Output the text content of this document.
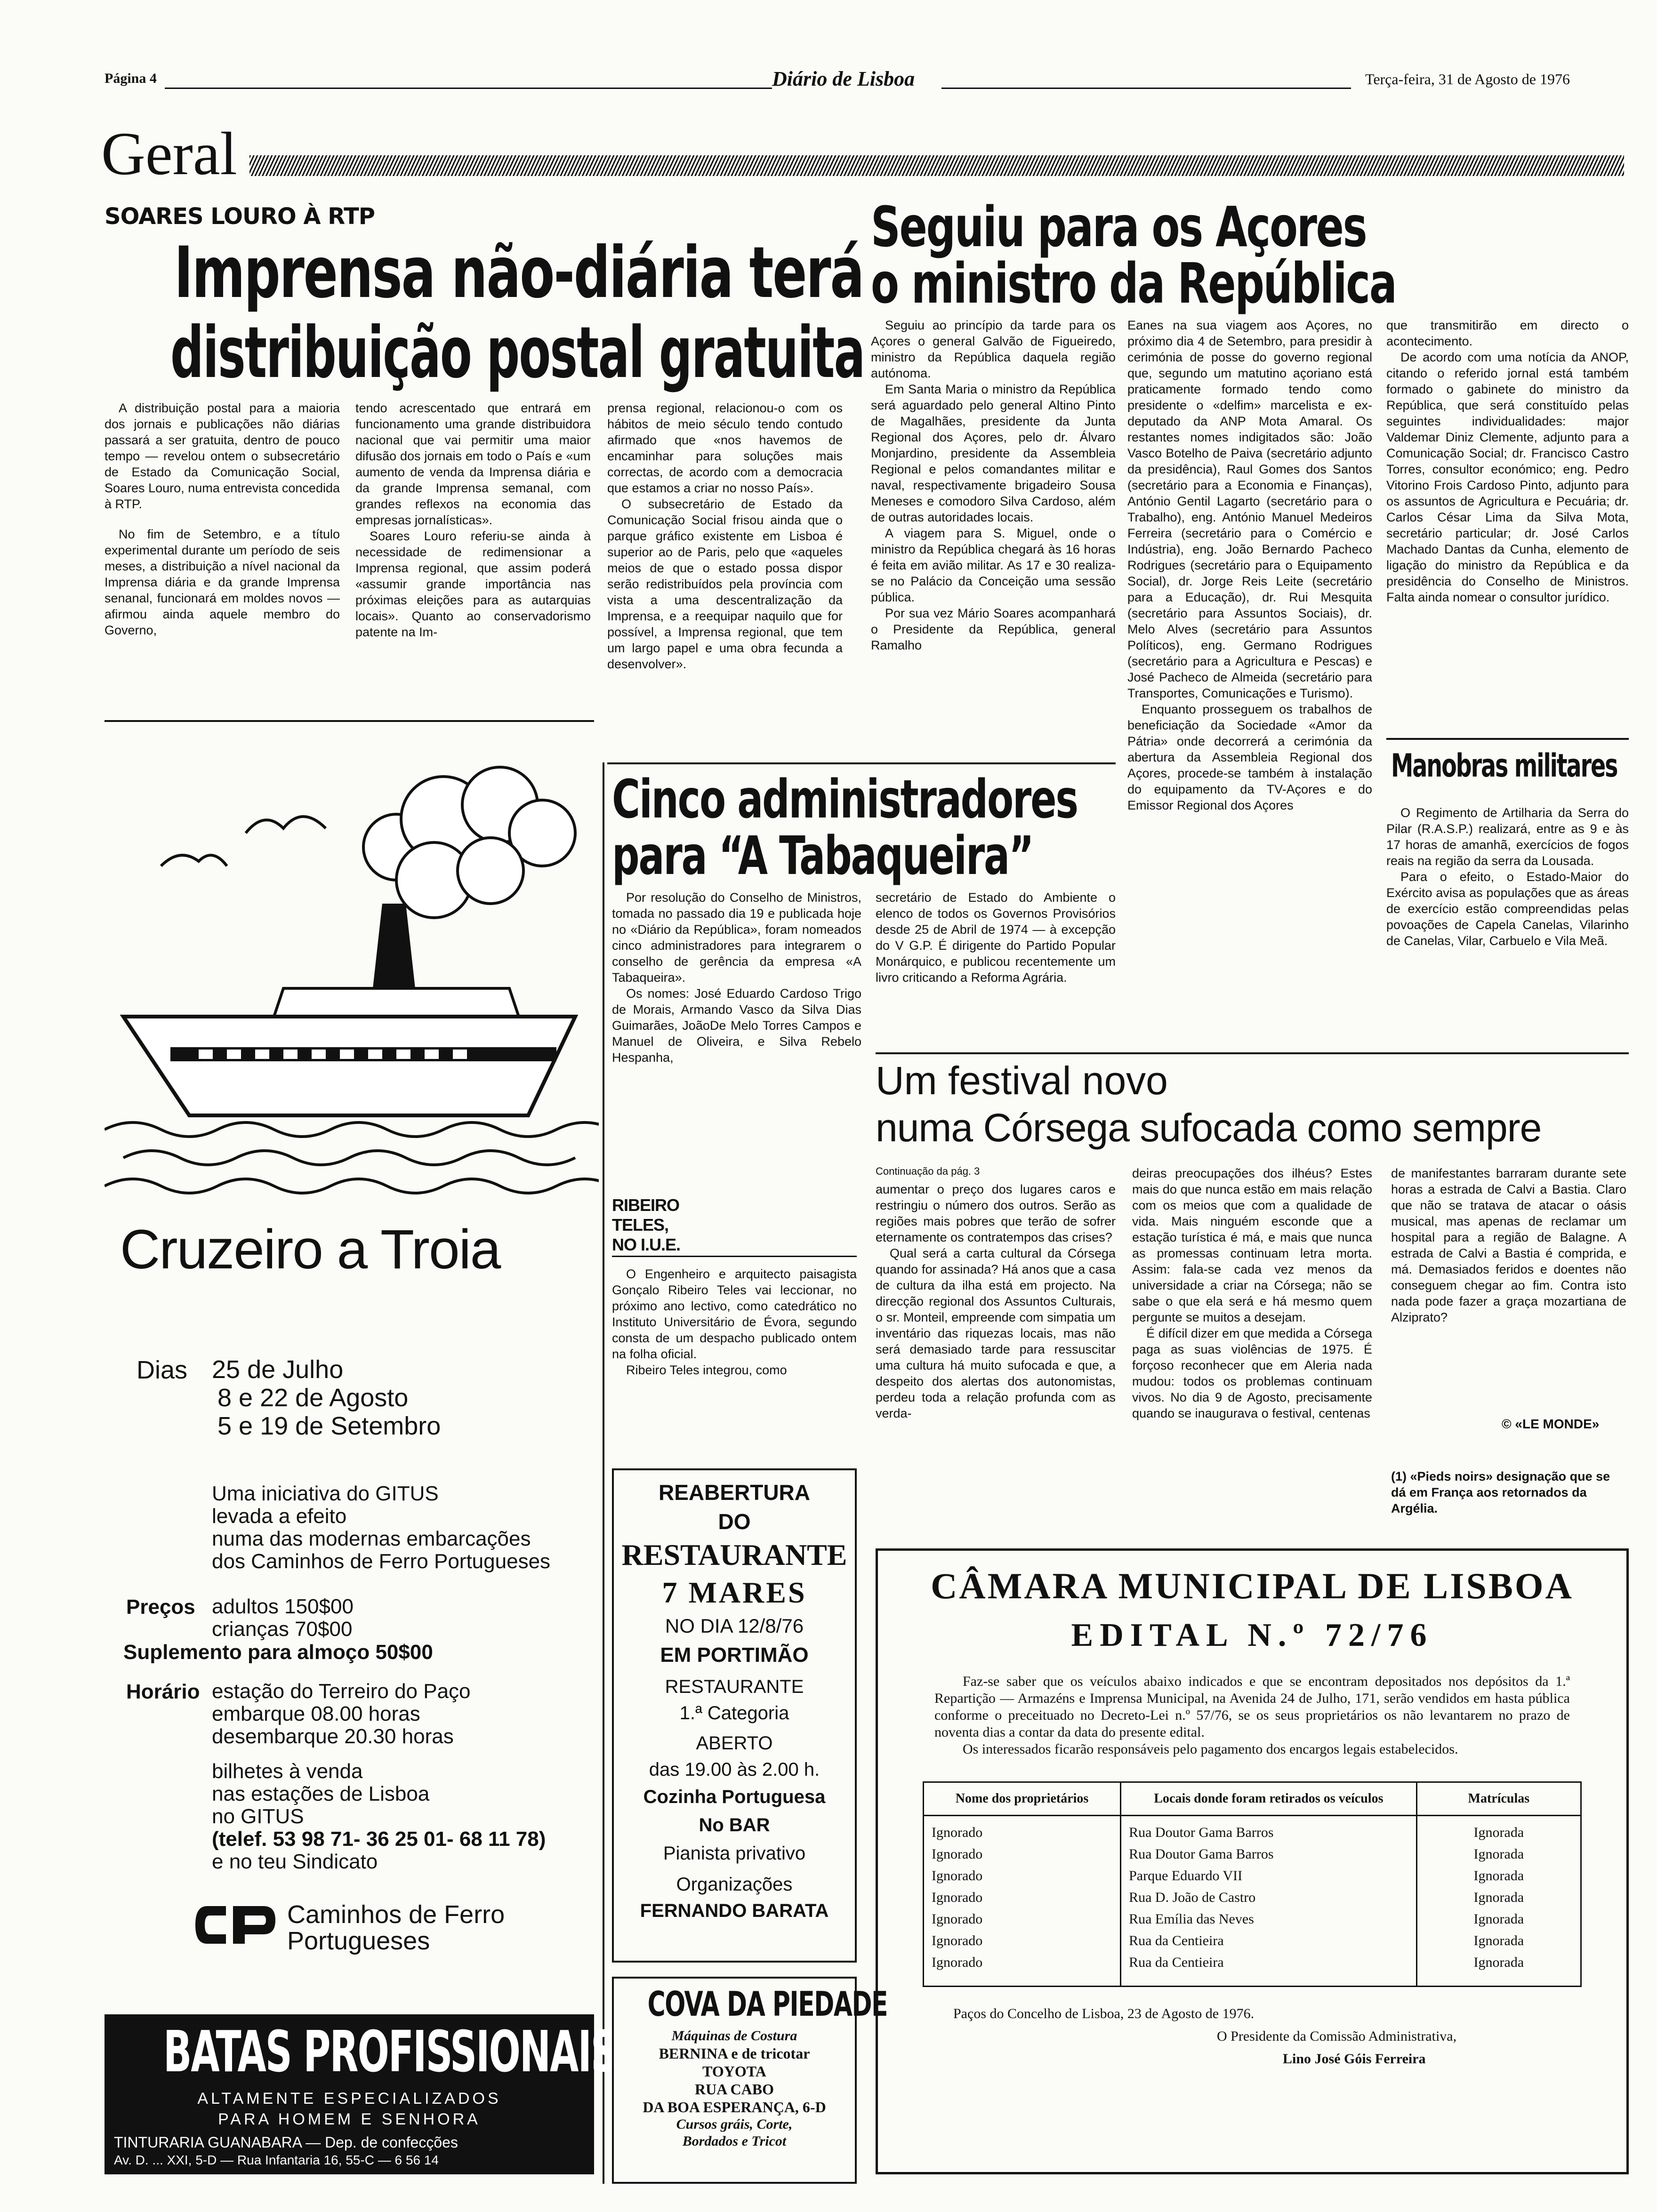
Página 4	Diário de Lisboa	Terça-feira, 31 de Agosto de 1976
Geral
SOARES LOURO À RTP
Imprensa não-diária terá
distribuição postal gratuita

A distribuição postal para a maioria dos jornais e publicações não diárias passará a ser gratuita, dentro de pouco tempo — revelou ontem o subsecretário de Estado da Comunicação Social, Soares Louro, numa entrevista concedida à RTP.

No fim de Setembro, e a título experimental durante um período de seis meses, a distribuição a nível nacional da Imprensa diária e da grande Imprensa senanal, funcionará em moldes novos — afirmou ainda aquele membro do Governo,

tendo acrescentado que entrará em funcionamento uma grande distribuidora nacional que vai permitir uma maior difusão dos jornais em todo o País e «um aumento de venda da Imprensa diária e da grande Imprensa semanal, com grandes reflexos na economia das empresas jornalísticas».

Soares Louro referiu-se ainda à necessidade de redimensionar a Imprensa regional, que assim poderá «assumir grande importância nas próximas eleições para as autarquias locais». Quanto ao conservadorismo patente na Im-

prensa regional, relacionou-o com os hábitos de meio século tendo contudo afirmado que «nos havemos de encaminhar para soluções mais correctas, de acordo com a democracia que estamos a criar no nosso País».

O subsecretário de Estado da Comunicação Social frisou ainda que o parque gráfico existente em Lisboa é superior ao de Paris, pelo que «aqueles meios de que o estado possa dispor serão redistribuídos pela província com vista a uma descentralização da Imprensa, e a reequipar naquilo que for possível, a Imprensa regional, que tem um largo papel e uma obra fecunda a desenvolver».

Seguiu para os Açores
o ministro da República

Seguiu ao princípio da tarde para os Açores o general Galvão de Figueiredo, ministro da República daquela região autónoma.

Em Santa Maria o ministro da República será aguardado pelo general Altino Pinto de Magalhães, presidente da Junta Regional dos Açores, pelo dr. Álvaro Monjardino, presidente da Assembleia Regional e pelos comandantes militar e naval, respectivamente brigadeiro Sousa Meneses e comodoro Silva Cardoso, além de outras autoridades locais.

A viagem para S. Miguel, onde o ministro da República chegará às 16 horas é feita em avião militar. As 17 e 30 realiza-se no Palácio da Conceição uma sessão pública.

Por sua vez Mário Soares acompanhará o Presidente da República, general Ramalho

Eanes na sua viagem aos Açores, no próximo dia 4 de Setembro, para presidir à cerimónia de posse do governo regional que, segundo um matutino açoriano está praticamente formado tendo como presidente o «delfim» marcelista e ex-deputado da ANP Mota Amaral. Os restantes nomes indigitados são: João Vasco Botelho de Paiva (secretário adjunto da presidência), Raul Gomes dos Santos (secretário para a Economia e Finanças), António Gentil Lagarto (secretário para o Trabalho), eng. António Manuel Medeiros Ferreira (secretário para o Comércio e Indústria), eng. João Bernardo Pacheco Rodrigues (secretário para o Equipamento Social), dr. Jorge Reis Leite (secretário para a Educação), dr. Rui Mesquita (secretário para Assuntos Sociais), dr. Melo Alves (secretário para Assuntos Políticos), eng. Germano Rodrigues (secretário para a Agricultura e Pescas) e José Pacheco de Almeida (secretário para Transportes, Comunicações e Turismo).

Enquanto prosseguem os trabalhos de beneficiação da Sociedade «Amor da Pátria» onde decorrerá a cerimónia da abertura da Assembleia Regional dos Açores, procede-se também à instalação do equipamento da TV-Açores e do Emissor Regional dos Açores

que transmitirão em directo o acontecimento.

De acordo com uma notícia da ANOP, citando o referido jornal está também formado o gabinete do ministro da República, que será constituído pelas seguintes individualidades: major Valdemar Diniz Clemente, adjunto para a Comunicação Social; dr. Francisco Castro Torres, consultor económico; eng. Pedro Vitorino Frois Cardoso Pinto, adjunto para os assuntos de Agricultura e Pecuária; dr. Carlos César Lima da Silva Mota, secretário particular; dr. José Carlos Machado Dantas da Cunha, elemento de ligação do ministro da República e da presidência do Conselho de Ministros. Falta ainda nomear o consultor jurídico.

Manobras militares

O Regimento de Artilharia da Serra do Pilar (R.A.S.P.) realizará, entre as 9 e às 17 horas de amanhã, exercícios de fogos reais na região da serra da Lousada.

Para o efeito, o Estado-Maior do Exército avisa as populações que as áreas de exercício estão compreendidas pelas povoações de Capela Canelas, Vilarinho de Canelas, Vilar, Carbuelo e Vila Meã.

Cinco administradores
para “A Tabaqueira”

Por resolução do Conselho de Ministros, tomada no passado dia 19 e publicada hoje no «Diário da República», foram nomeados cinco administradores para integrarem o conselho de gerência da empresa «A Tabaqueira».

Os nomes: José Eduardo Cardoso Trigo de Morais, Armando Vasco da Silva Dias Guimarães, JoãoDe Melo Torres Campos e Manuel de Oliveira, e Silva Rebelo Hespanha,

secretário de Estado do Ambiente o elenco de todos os Governos Provisórios desde 25 de Abril de 1974 — à excepção do V G.P. É dirigente do Partido Popular Monárquico, e publicou recentemente um livro criticando a Reforma Agrária.

Um festival novo
numa Córsega sufocada como sempre
Continuação da pág. 3

aumentar o preço dos lugares caros e restringiu o número dos outros. Serão as regiões mais pobres que terão de sofrer eternamente os contratempos das crises?

Qual será a carta cultural da Córsega quando for assinada? Há anos que a casa de cultura da ilha está em projecto. Na direcção regional dos Assuntos Culturais, o sr. Monteil, empreende com simpatia um inventário das riquezas locais, mas não será demasiado tarde para ressuscitar uma cultura há muito sufocada e que, a despeito dos alertas dos autonomistas, perdeu toda a relação profunda com as verda-

deiras preocupações dos ilhéus? Estes mais do que nunca estão em mais relação com os meios que com a qualidade de vida. Mais ninguém esconde que a estação turística é má, e mais que nunca as promessas continuam letra morta. Assim: fala-se cada vez menos da universidade a criar na Córsega; não se sabe o que ela será e há mesmo quem pergunte se muitos a desejam.

É difícil dizer em que medida a Córsega paga as suas violências de 1975. É forçoso reconhecer que em Aleria nada mudou: todos os problemas continuam vivos. No dia 9 de Agosto, precisamente quando se inaugurava o festival, centenas

de manifestantes barraram durante sete horas a estrada de Calvi a Bastia. Claro que não se tratava de atacar o oásis musical, mas apenas de reclamar um hospital para a região de Balagne. A estrada de Calvi a Bastia é comprida, e má. Demasiados feridos e doentes não conseguem chegar ao fim. Contra isto nada pode fazer a graça mozartiana de Alziprato?

© «LE MONDE»
(1) «Pieds noirs» designação que se dá em França aos retornados da Argélia.
RIBEIRO TELES, NO I.U.E.

O Engenheiro e arquitecto paisagista Gonçalo Ribeiro Teles vai leccionar, no próximo ano lectivo, como catedrático no Instituto Universitário de Évora, segundo consta de um despacho publicado ontem na folha oficial.

Ribeiro Teles integrou, como

Cruzeiro a Troia
Dias 25 de Julho
8 e 22 de Agosto
5 e 19 de Setembro
Uma iniciativa do GITUS
levada a efeito
numa das modernas embarcações
dos Caminhos de Ferro Portugueses
Preços adultos 150$00
crianças 70$00
Suplemento para almoço 50$00
Horário estação do Terreiro do Paço
embarque 08.00 horas
desembarque 20.30 horas
bilhetes à venda
nas estações de Lisboa
no GITUS
(telef. 53 98 71- 36 25 01- 68 11 78)
e no teu Sindicato
Caminhos de Ferro
Portugueses
BATAS PROFISSIONAIS
ALTAMENTE ESPECIALIZADOS
PARA HOMEM E SENHORA
TINTURARIA GUANABARA — Dep. de confecções
Av. D. ... XXI, 5-D — Rua Infantaria 16, 55-C — 6 56 14
REABERTURA
DO
RESTAURANTE
7 MARES
NO DIA 12/8/76
EM PORTIMÃO
RESTAURANTE
1.ª Categoria
ABERTO
das 19.00 às 2.00 h.
Cozinha Portuguesa
No BAR
Pianista privativo
Organizações
FERNANDO BARATA
COVA DA PIEDADE
Máquinas de Costura
BERNINA e de tricotar
TOYOTA
RUA CABO
DA BOA ESPERANÇA, 6-D
Cursos gráis, Corte,
Bordados e Tricot
CÂMARA MUNICIPAL DE LISBOA
EDITAL N.º 72/76
Faz-se saber que os veículos abaixo indicados e que se encontram depositados nos depósitos da 1.ª Repartição — Armazéns e Imprensa Municipal, na Avenida 24 de Julho, 171, serão vendidos em hasta pública conforme o preceituado no Decreto-Lei n.º 57/76, se os seus proprietários os não levantarem no prazo de noventa dias a contar da data do presente edital.
Os interessados ficarão responsáveis pelo pagamento dos encargos legais estabelecidos.
Nome dos proprietários	Locais donde foram retirados os veículos	Matrículas
Ignorado	Rua Doutor Gama Barros	Ignorada
Ignorado	Rua Doutor Gama Barros	Ignorada
Ignorado	Parque Eduardo VII	Ignorada
Ignorado	Rua D. João de Castro	Ignorada
Ignorado	Rua Emília das Neves	Ignorada
Ignorado	Rua da Centieira	Ignorada
Ignorado	Rua da Centieira	Ignorada
Paços do Concelho de Lisboa, 23 de Agosto de 1976.
O Presidente da Comissão Administrativa,
Lino José Góis Ferreira
